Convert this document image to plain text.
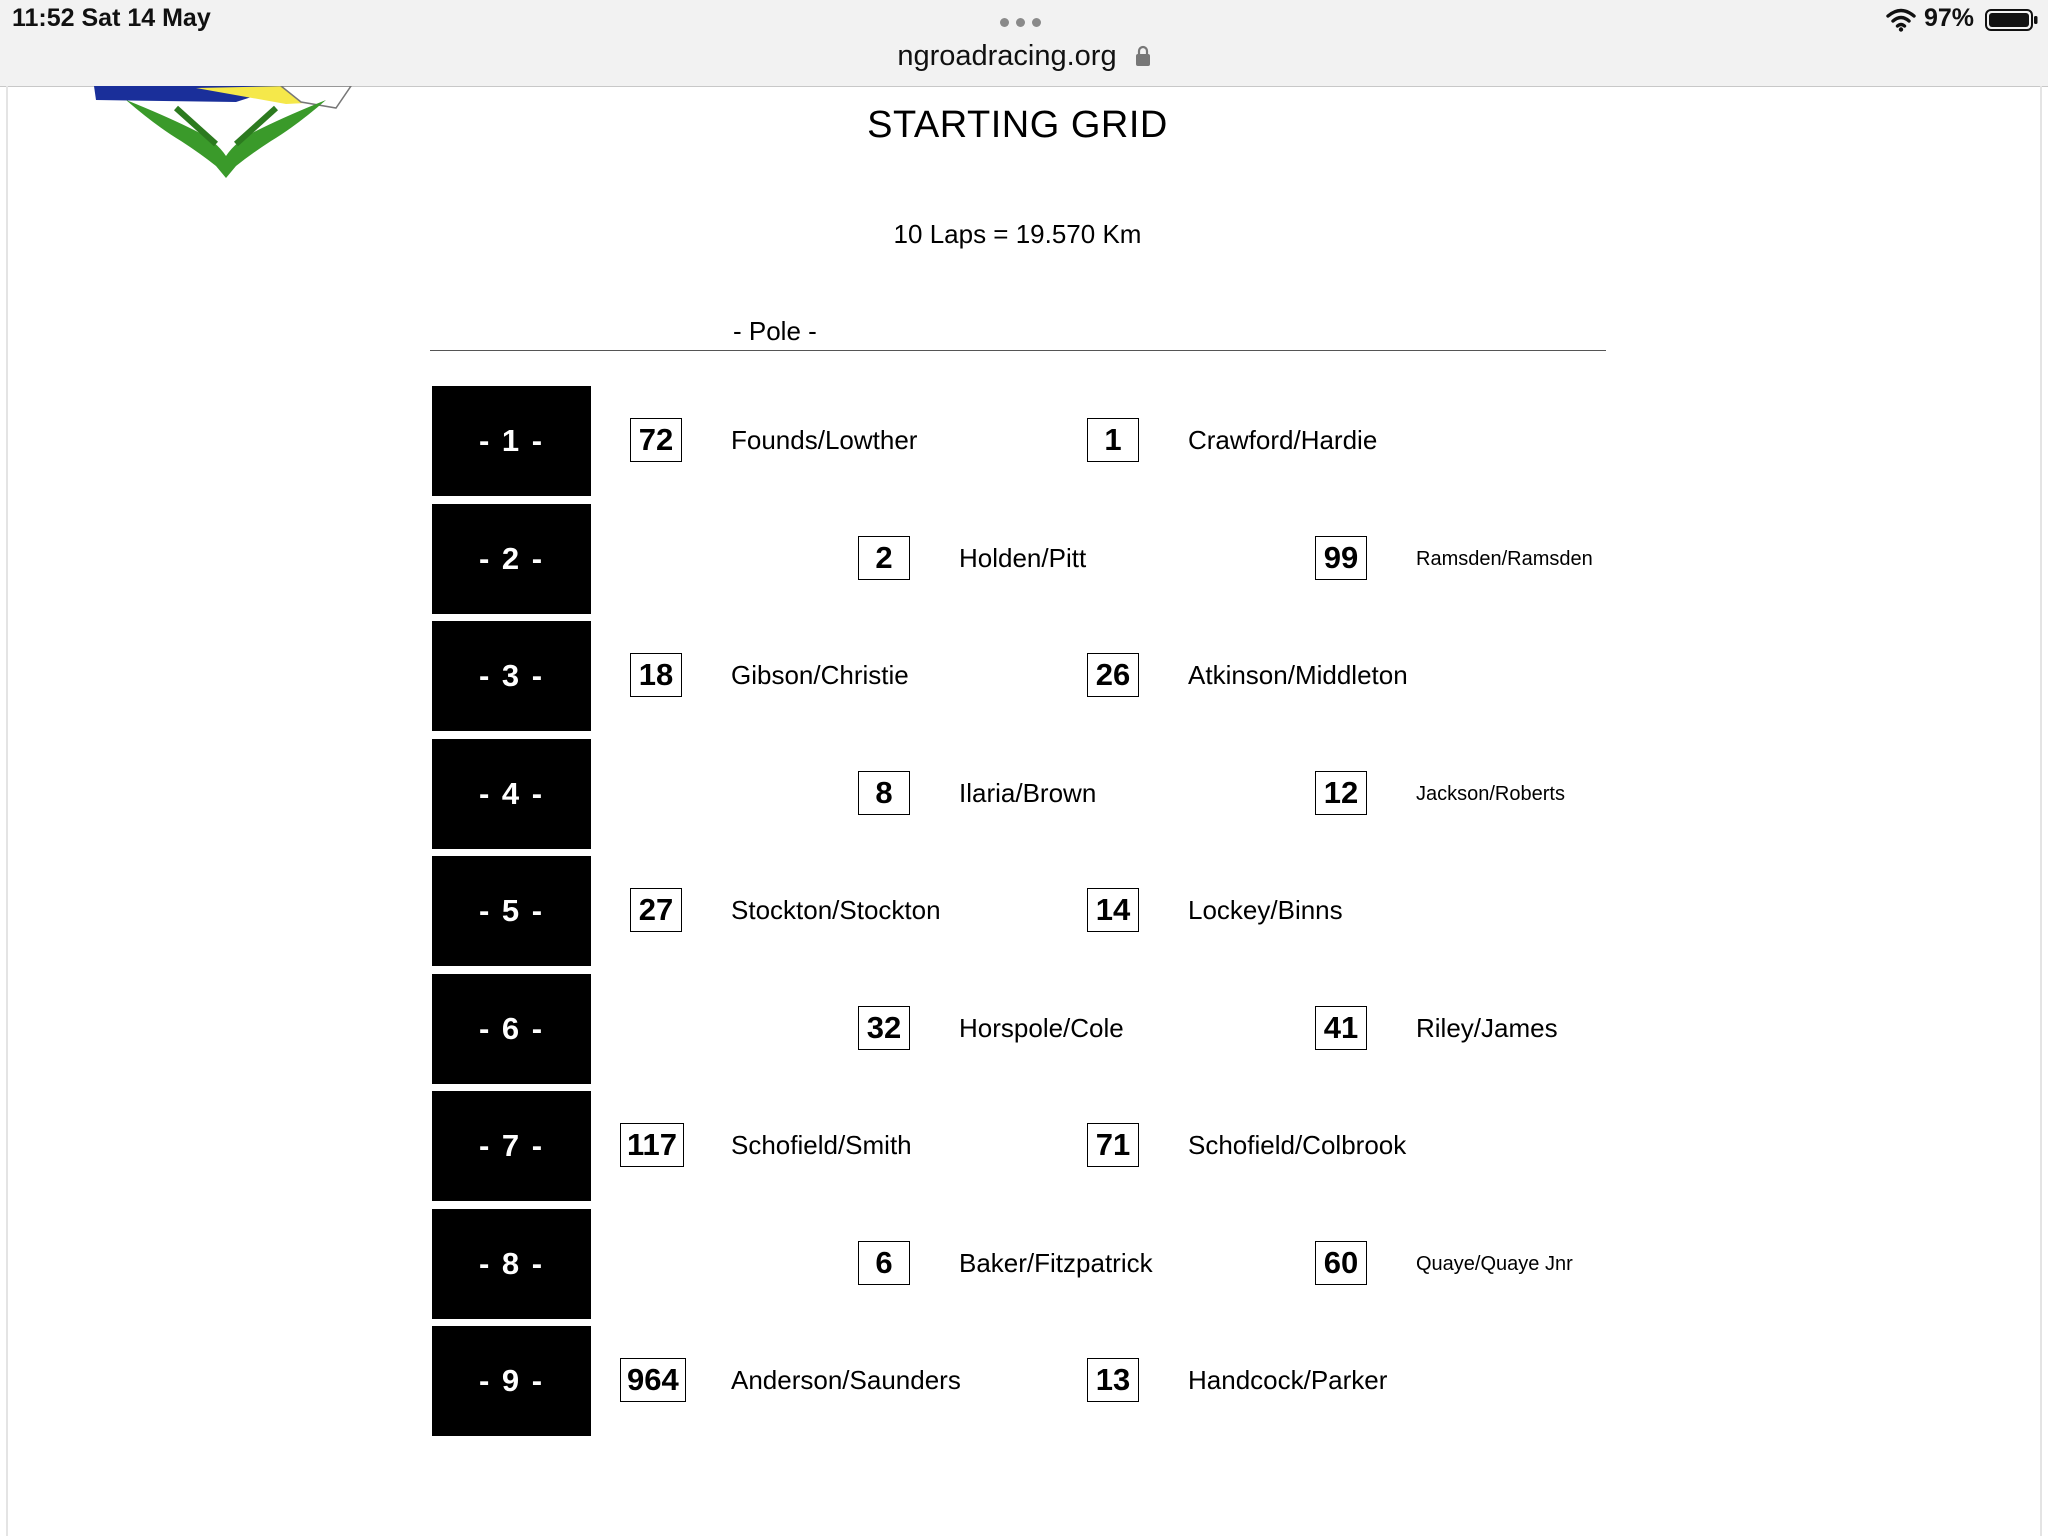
11:52 Sat 14 May
ngroadracing.org
97%
STARTING GRID
10 Laps = 19.570 Km
- Pole -
- 1 -	72	Founds/Lowther	1	Crawford/Hardie
- 2 -	2	Holden/Pitt	99	Ramsden/Ramsden
- 3 -	18	Gibson/Christie	26	Atkinson/Middleton
- 4 -	8	Ilaria/Brown	12	Jackson/Roberts
- 5 -	27	Stockton/Stockton	14	Lockey/Binns
- 6 -	32	Horspole/Cole	41	Riley/James
- 7 -	117 Schofield/Smith	71	Schofield/Colbrook
- 8 -	6	Baker/Fitzpatrick	60	Quaye/Quaye Jnr
- 9 -	964 Anderson/Saunders	13	Handcock/Parker
